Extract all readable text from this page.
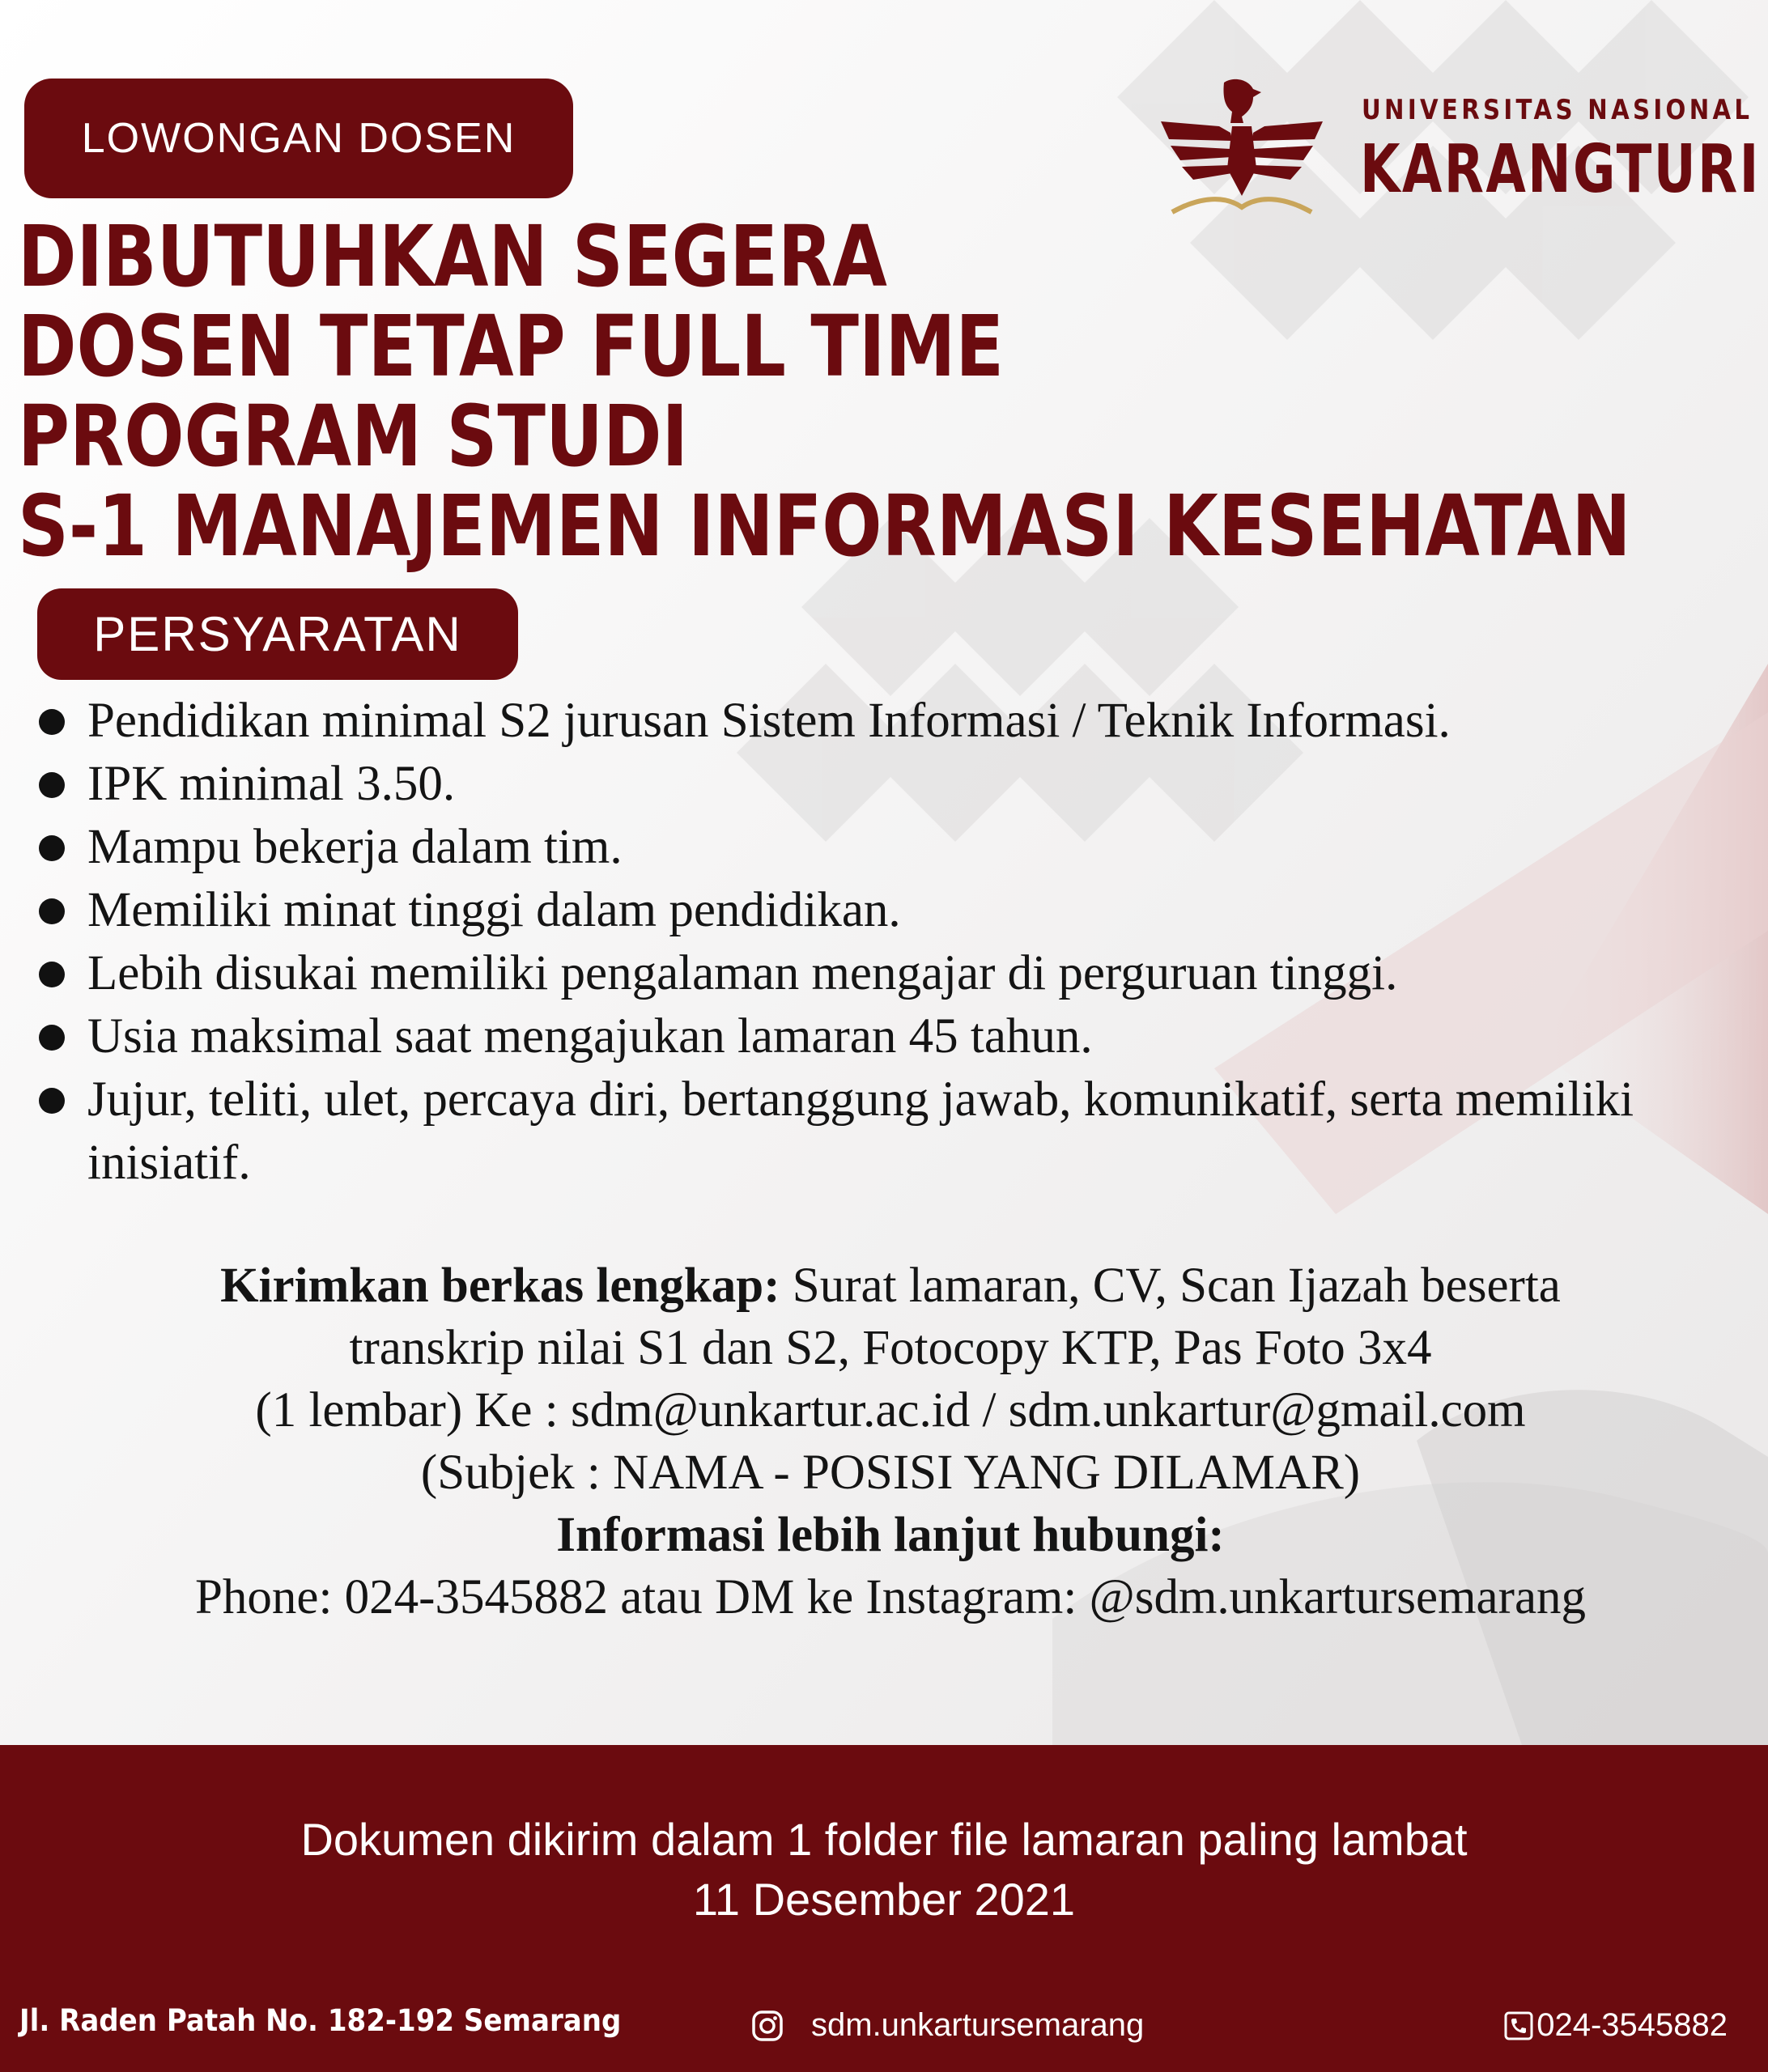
LOWONGAN DOSEN
UNIVERSITAS NASIONAL
KARANGTURI
DIBUTUHKAN SEGERA
DOSEN TETAP FULL TIME
PROGRAM STUDI
S-1 MANAJEMEN INFORMASI KESEHATAN
PERSYARATAN
Pendidikan minimal S2 jurusan Sistem Informasi / Teknik Informasi.
IPK minimal 3.50.
Mampu bekerja dalam tim.
Memiliki minat tinggi dalam pendidikan.
Lebih disukai memiliki pengalaman mengajar di perguruan tinggi.
Usia maksimal saat mengajukan lamaran 45 tahun.
Jujur, teliti, ulet, percaya diri, bertanggung jawab, komunikatif, serta memiliki inisiatif.
Kirimkan berkas lengkap: Surat lamaran, CV, Scan Ijazah beserta
transkrip nilai S1 dan S2, Fotocopy KTP, Pas Foto 3x4
(1 lembar) Ke : sdm@unkartur.ac.id / sdm.unkartur@gmail.com
(Subjek : NAMA - POSISI YANG DILAMAR)
Informasi lebih lanjut hubungi:
Phone: 024-3545882 atau DM ke Instagram: @sdm.unkartursemarang
Dokumen dikirim dalam 1 folder file lamaran paling lambat
11 Desember 2021
Jl. Raden Patah No. 182-192 Semarang	sdm.unkartursemarang	024-3545882
